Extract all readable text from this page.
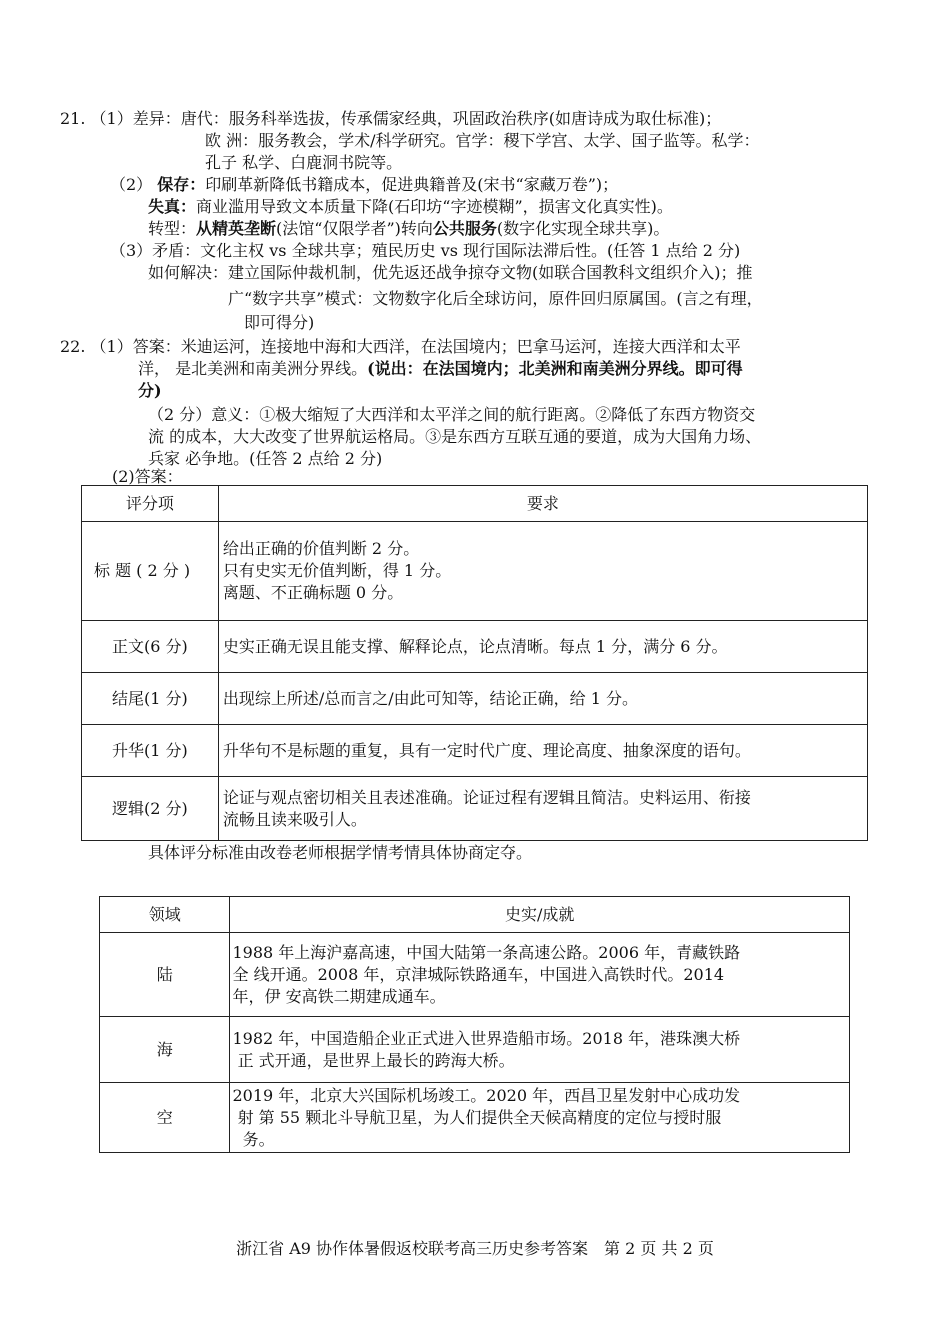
21. （1）差异：唐代：服务科举选拔，传承儒家经典，巩固政治秩序(如唐诗成为取仕标准)；
欧 洲：服务教会，学术/科学研究。官学：稷下学宫、太学、国子监等。私学：
孔子 私学、白鹿洞书院等。
（2） 保存：印刷革新降低书籍成本，促进典籍普及(宋书“家藏万卷”)；
失真：商业滥用导致文本质量下降(石印坊“字迹模糊”，损害文化真实性)。
转型：从精英垄断(法馆“仅限学者”)转向公共服务(数字化实现全球共享)。
（3）矛盾：文化主权 vs 全球共享；殖民历史 vs 现行国际法滞后性。(任答 1 点给 2 分)
如何解决：建立国际仲裁机制，优先返还战争掠夺文物(如联合国教科文组织介入)；推
广“数字共享”模式：文物数字化后全球访问，原件回归原属国。(言之有理，
即可得分)
22. （1）答案：米迪运河，连接地中海和大西洋，在法国境内；巴拿马运河，连接大西洋和太平
洋， 是北美洲和南美洲分界线。(说出：在法国境内；北美洲和南美洲分界线。即可得
分)
（2 分）意义：①极大缩短了大西洋和太平洋之间的航行距离。②降低了东西方物资交
流 的成本，大大改变了世界航运格局。③是东西方互联互通的要道，成为大国角力场、
兵家 必争地。(任答 2 点给 2 分)
(2)答案：
评分项	要求

标 题 ( 2 分 )	给出正确的价值判断 2 分。
只有史实无价值判断，得 1 分。
离题、不正确标题 0 分。

正文(6 分)	史实正确无误且能支撑、解释论点，论点清晰。每点 1 分，满分 6 分。

结尾(1 分)	出现综上所述/总而言之/由此可知等，结论正确，给 1 分。

升华(1 分)	升华句不是标题的重复，具有一定时代广度、理论高度、抽象深度的语句。

逻辑(2 分)	论证与观点密切相关且表述准确。论证过程有逻辑且简洁。史料运用、衔接
流畅且读来吸引人。
具体评分标准由改卷老师根据学情考情具体协商定夺。
领域	史实/成就
陆	1988 年上海沪嘉高速，中国大陆第一条高速公路。2006 年，青藏铁路
全 线开通。2008 年，京津城际铁路通车，中国进入高铁时代。2014
年，伊 安高铁二期建成通车。

海	1982 年，中国造船企业正式进入世界造船市场。2018 年，港珠澳大桥
正 式开通，是世界上最长的跨海大桥。

空	2019 年，北京大兴国际机场竣工。2020 年，西昌卫星发射中心成功发
射 第 55 颗北斗导航卫星，为人们提供全天候高精度的定位与授时服
务。
浙江省 A9 协作体暑假返校联考高三历史参考答案　第 2 页 共 2 页
